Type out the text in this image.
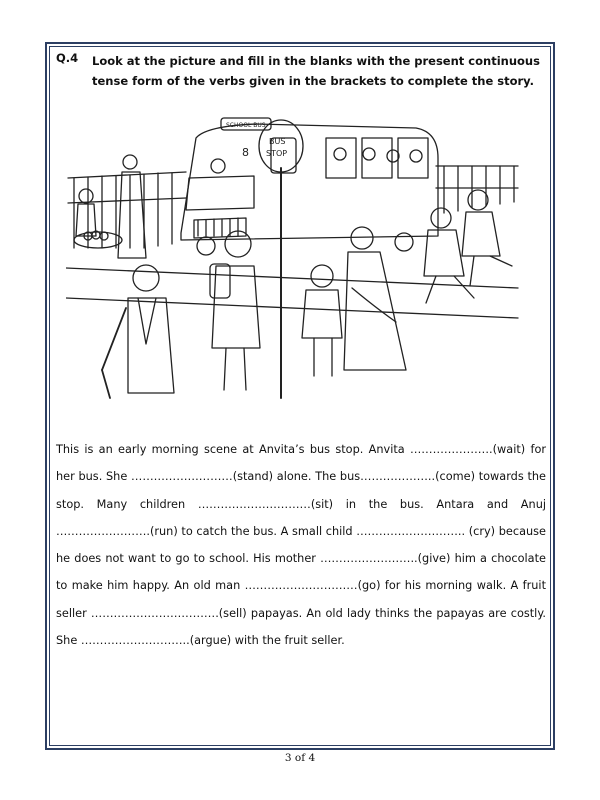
Q.4 Look at the picture and fill in the blanks with the present continuous tense form of the verbs given in the brackets to complete the story.
SCHOOL BUS
8
BUS
STOP

This is an early morning scene at Anvita’s bus stop. Anvita ………………….(wait) for her bus. She ………………………(stand) alone. The bus………………..(come) towards the stop. Many children …………………………(sit) in the bus. Antara and Anuj …………………….(run) to catch the bus. A small child ……………………….. (cry) because he does not want to go to school. His mother ……………………..(give) him a chocolate to make him happy. An old man …………………………(go) for his morning walk. A fruit seller …………………………….(sell) papayas. An old lady thinks the papayas are costly. She ………………………..(argue) with the fruit seller.

3 of 4
